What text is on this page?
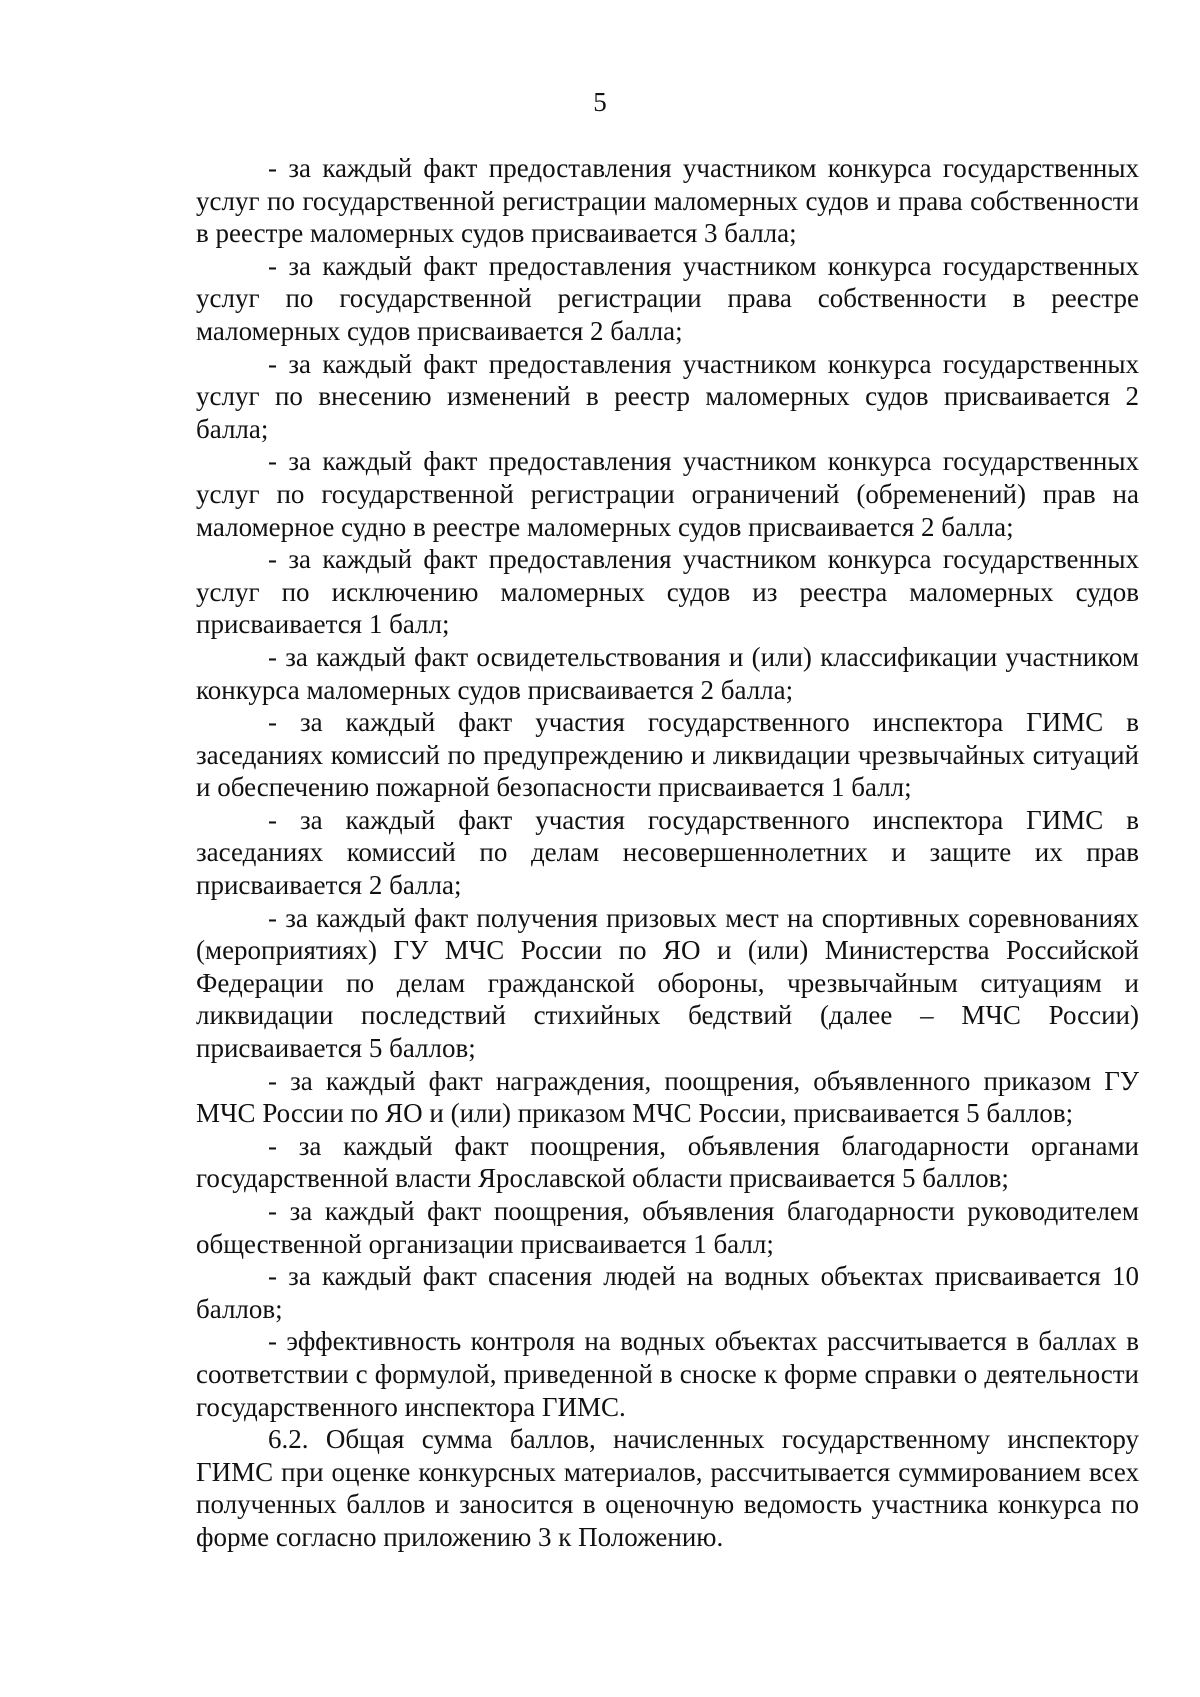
5

- за каждый факт предоставления участником конкурса государственных услуг по государственной регистрации маломерных судов и права собственности в реестре маломерных судов присваивается 3 балла;

- за каждый факт предоставления участником конкурса государственных услуг по государственной регистрации права собственности в реестре маломерных судов присваивается 2 балла;

- за каждый факт предоставления участником конкурса государственных услуг по внесению изменений в реестр маломерных судов присваивается 2 балла;

- за каждый факт предоставления участником конкурса государственных услуг по государственной регистрации ограничений (обременений) прав на маломерное судно в реестре маломерных судов присваивается 2 балла;

- за каждый факт предоставления участником конкурса государственных услуг по исключению маломерных судов из реестра маломерных судов присваивается 1 балл;

- за каждый факт освидетельствования и (или) классификации участником конкурса маломерных судов присваивается 2 балла;

- за каждый факт участия государственного инспектора ГИМС в заседаниях комиссий по предупреждению и ликвидации чрезвычайных ситуаций и обеспечению пожарной безопасности присваивается 1 балл;

- за каждый факт участия государственного инспектора ГИМС в заседаниях комиссий по делам несовершеннолетних и защите их прав присваивается 2 балла;

- за каждый факт получения призовых мест на спортивных соревнованиях (мероприятиях) ГУ МЧС России по ЯО и (или) Министерства Российской Федерации по делам гражданской обороны, чрезвычайным ситуациям и ликвидации последствий стихийных бедствий (далее – МЧС России) присваивается 5 баллов;

- за каждый факт награждения, поощрения, объявленного приказом ГУ МЧС России по ЯО и (или) приказом МЧС России, присваивается 5 баллов;

- за каждый факт поощрения, объявления благодарности органами государственной власти Ярославской области присваивается 5 баллов;

- за каждый факт поощрения, объявления благодарности руководителем общественной организации присваивается 1 балл;

- за каждый факт спасения людей на водных объектах присваивается 10 баллов;

- эффективность контроля на водных объектах рассчитывается в баллах в соответствии с формулой, приведенной в сноске к форме справки о деятельности государственного инспектора ГИМС.

6.2. Общая сумма баллов, начисленных государственному инспектору ГИМС при оценке конкурсных материалов, рассчитывается суммированием всех полученных баллов и заносится в оценочную ведомость участника конкурса по форме согласно приложению 3 к Положению.
